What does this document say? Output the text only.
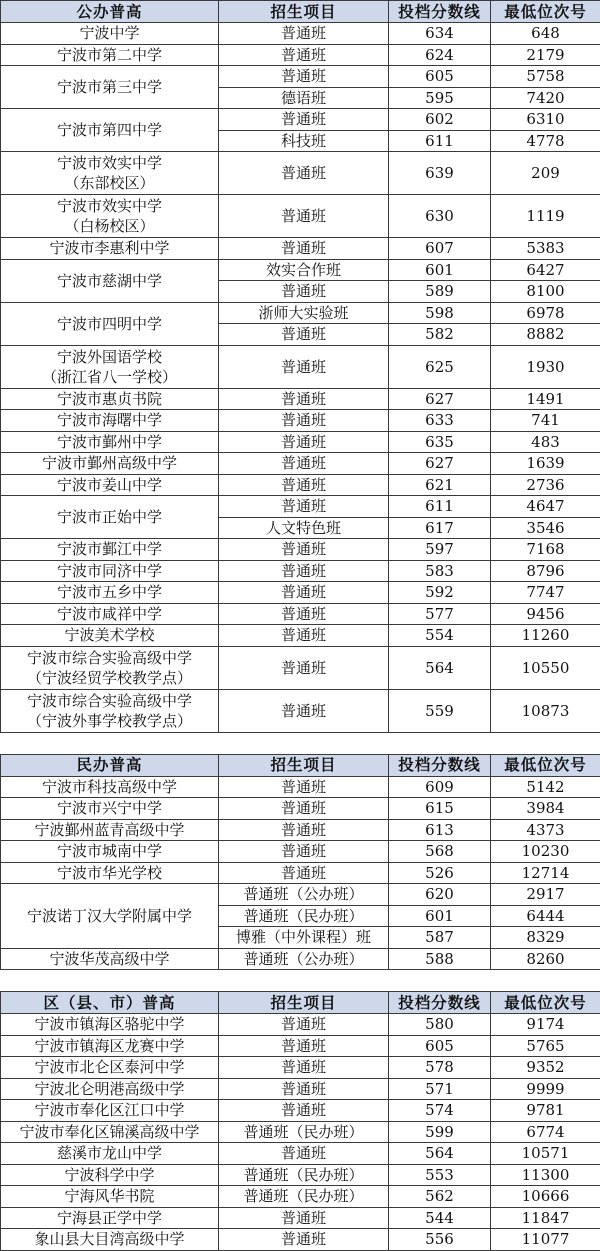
公办普高	招生项目	投档分数线	最低位次号

宁波中学	普通班	634	648

宁波市第二中学	普通班	624	2179

宁波市第三中学	普通班	605	5758
	德语班	595	7420

宁波市第四中学	普通班	602	6310
	科技班	611	4778

宁波市效实中学
（东部校区）	普通班	639	209

宁波市效实中学
（白杨校区）	普通班	630	1119

宁波市李惠利中学	普通班	607	5383

宁波市慈湖中学	效实合作班	601	6427
	普通班	589	8100

宁波市四明中学	浙师大实验班	598	6978
	普通班	582	8882

宁波外国语学校
（浙江省八一学校）	普通班	625	1930

宁波市惠贞书院	普通班	627	1491

宁波市海曙中学	普通班	633	741

宁波市鄞州中学	普通班	635	483

宁波市鄞州高级中学	普通班	627	1639

宁波市姜山中学	普通班	621	2736

宁波市正始中学	普通班	611	4647
	人文特色班	617	3546

宁波市鄞江中学	普通班	597	7168

宁波市同济中学	普通班	583	8796

宁波市五乡中学	普通班	592	7747

宁波市咸祥中学	普通班	577	9456

宁波美术学校	普通班	554	11260

宁波市综合实验高级中学
（宁波经贸学校教学点）	普通班	564	10550

宁波市综合实验高级中学
（宁波外事学校教学点）	普通班	559	10873

民办普高	招生项目	投档分数线	最低位次号

宁波市科技高级中学	普通班	609	5142

宁波市兴宁中学	普通班	615	3984

宁波鄞州蓝青高级中学	普通班	613	4373

宁波市城南中学	普通班	568	10230

宁波市华光学校	普通班	526	12714

宁波诺丁汉大学附属中学	普通班（公办班）	620	2917
	普通班（民办班）	601	6444
	博雅（中外课程）班	587	8329

宁波华茂高级中学	普通班（公办班）	588	8260

区（县、市）普高	招生项目	投档分数线	最低位次号

宁波市镇海区骆驼中学	普通班	580	9174

宁波市镇海区龙赛中学	普通班	605	5765

宁波市北仑区泰河中学	普通班	578	9352

宁波北仑明港高级中学	普通班	571	9999

宁波市奉化区江口中学	普通班	574	9781

宁波市奉化区锦溪高级中学	普通班（民办班）	599	6774

慈溪市龙山中学	普通班	564	10571

宁波科学中学	普通班（民办班）	553	11300

宁海风华书院	普通班（民办班）	562	10666

宁海县正学中学	普通班	544	11847

象山县大目湾高级中学	普通班	556	11077
